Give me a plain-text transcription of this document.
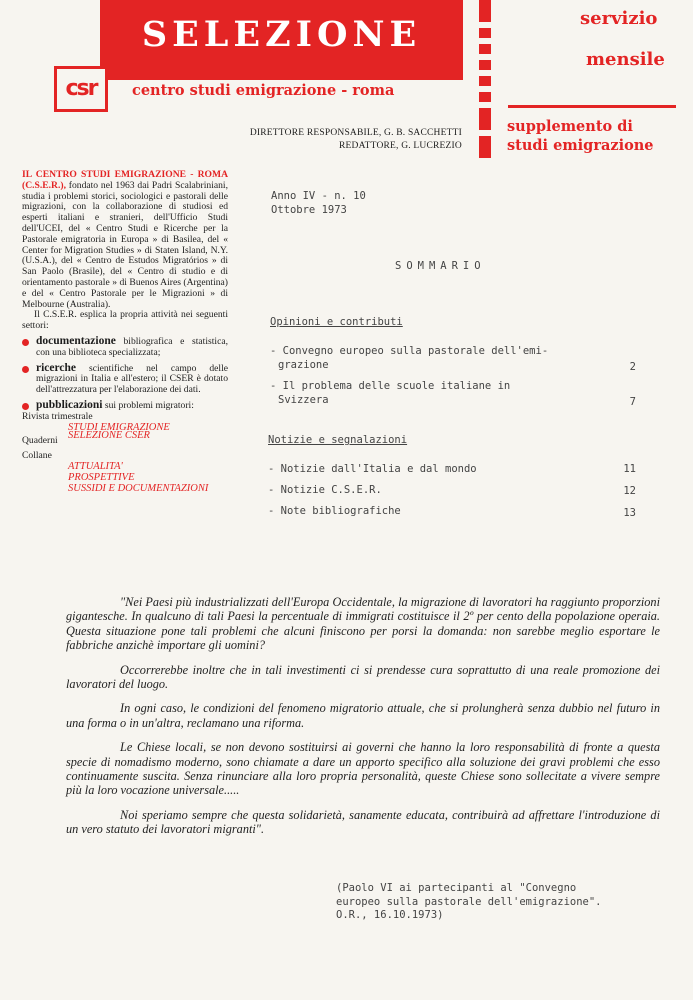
SELEZIONE
csr	centro studi emigrazione - roma
servizio
mensile
supplemento di
studi emigrazione
DIRETTORE RESPONSABILE, G. B. SACCHETTI
REDATTORE, G. LUCREZIO

IL CENTRO STUDI EMIGRAZIONE - ROMA (C.S.E.R.), fondato nel 1963 dai Padri Scalabriniani, studia i problemi storici, sociologici e pastorali delle migrazioni, con la collaborazione di studiosi ed esperti italiani e stranieri, dell'Ufficio Studi dell'UCEI, del « Centro Studi e Ricerche per la Pastorale emigratoria in Europa » di Basilea, del « Center for Migration Studies » di Staten Island, N.Y. (U.S.A.), del « Centro de Estudos Migratórios » di San Paolo (Brasile), del « Centro di studio e di orientamento pastorale » di Buenos Aires (Argentina) e del « Centro Pastorale per le Migrazioni » di Melbourne (Australia).

Il C.S.E.R. esplica la propria attività nei seguenti settori:

documentazione bibliografica e statistica, con una biblioteca specializzata;

ricerche scientifiche nel campo delle migrazioni in Italia e all'estero; il CSER è dotato dell'attrezzatura per l'elaborazione dei dati.

pubblicazioni sui problemi migratori:

Rivista trimestrale

STUDI EMIGRAZIONE

Quaderni SELEZIONE CSER
Collane
ATTUALITA'
PROSPETTIVE
SUSSIDI E DOCUMENTAZIONI
Anno IV - n. 10
Ottobre 1973
SOMMARIO
Opinioni e contributi
- Convegno europeo sulla pastorale dell'emi-
grazione	2
- Il problema delle scuole italiane in
Svizzera	7
Notizie e segnalazioni
- Notizie dall'Italia e dal mondo	11
- Notizie C.S.E.R.	12
- Note bibliografiche	13

"Nei Paesi più industrializzati dell'Europa Occidentale, la migrazione di lavoratori ha raggiunto proporzioni gigantesche. In qualcuno di tali Paesi la percentuale di immigrati costituisce il 2º per cento della popolazione operaia. Questa situazione pone tali problemi che alcuni finiscono per porsi la domanda: non sarebbe meglio esportare le fabbriche anzichè importare gli uomini?

Occorrerebbe inoltre che in tali investimenti ci si prendesse cura soprattutto di una reale promozione dei lavoratori del luogo.

In ogni caso, le condizioni del fenomeno migratorio attuale, che si prolungherà senza dubbio nel futuro in una forma o in un'altra, reclamano una riforma.

Le Chiese locali, se non devono sostituirsi ai governi che hanno la loro responsabilità di fronte a questa specie di nomadismo moderno, sono chiamate a dare un apporto specifico alla soluzione dei gravi problemi che esso continuamente suscita. Senza rinunciare alla loro propria personalità, queste Chiese sono sollecitate a vivere sempre più la loro vocazione universale.....

Noi speriamo sempre che questa solidarietà, sanamente educata, contribuirà ad affrettare l'introduzione di un vero statuto dei lavoratori migranti".

(Paolo VI ai partecipanti al "Convegno
europeo sulla pastorale dell'emigrazione".
O.R., 16.10.1973)
